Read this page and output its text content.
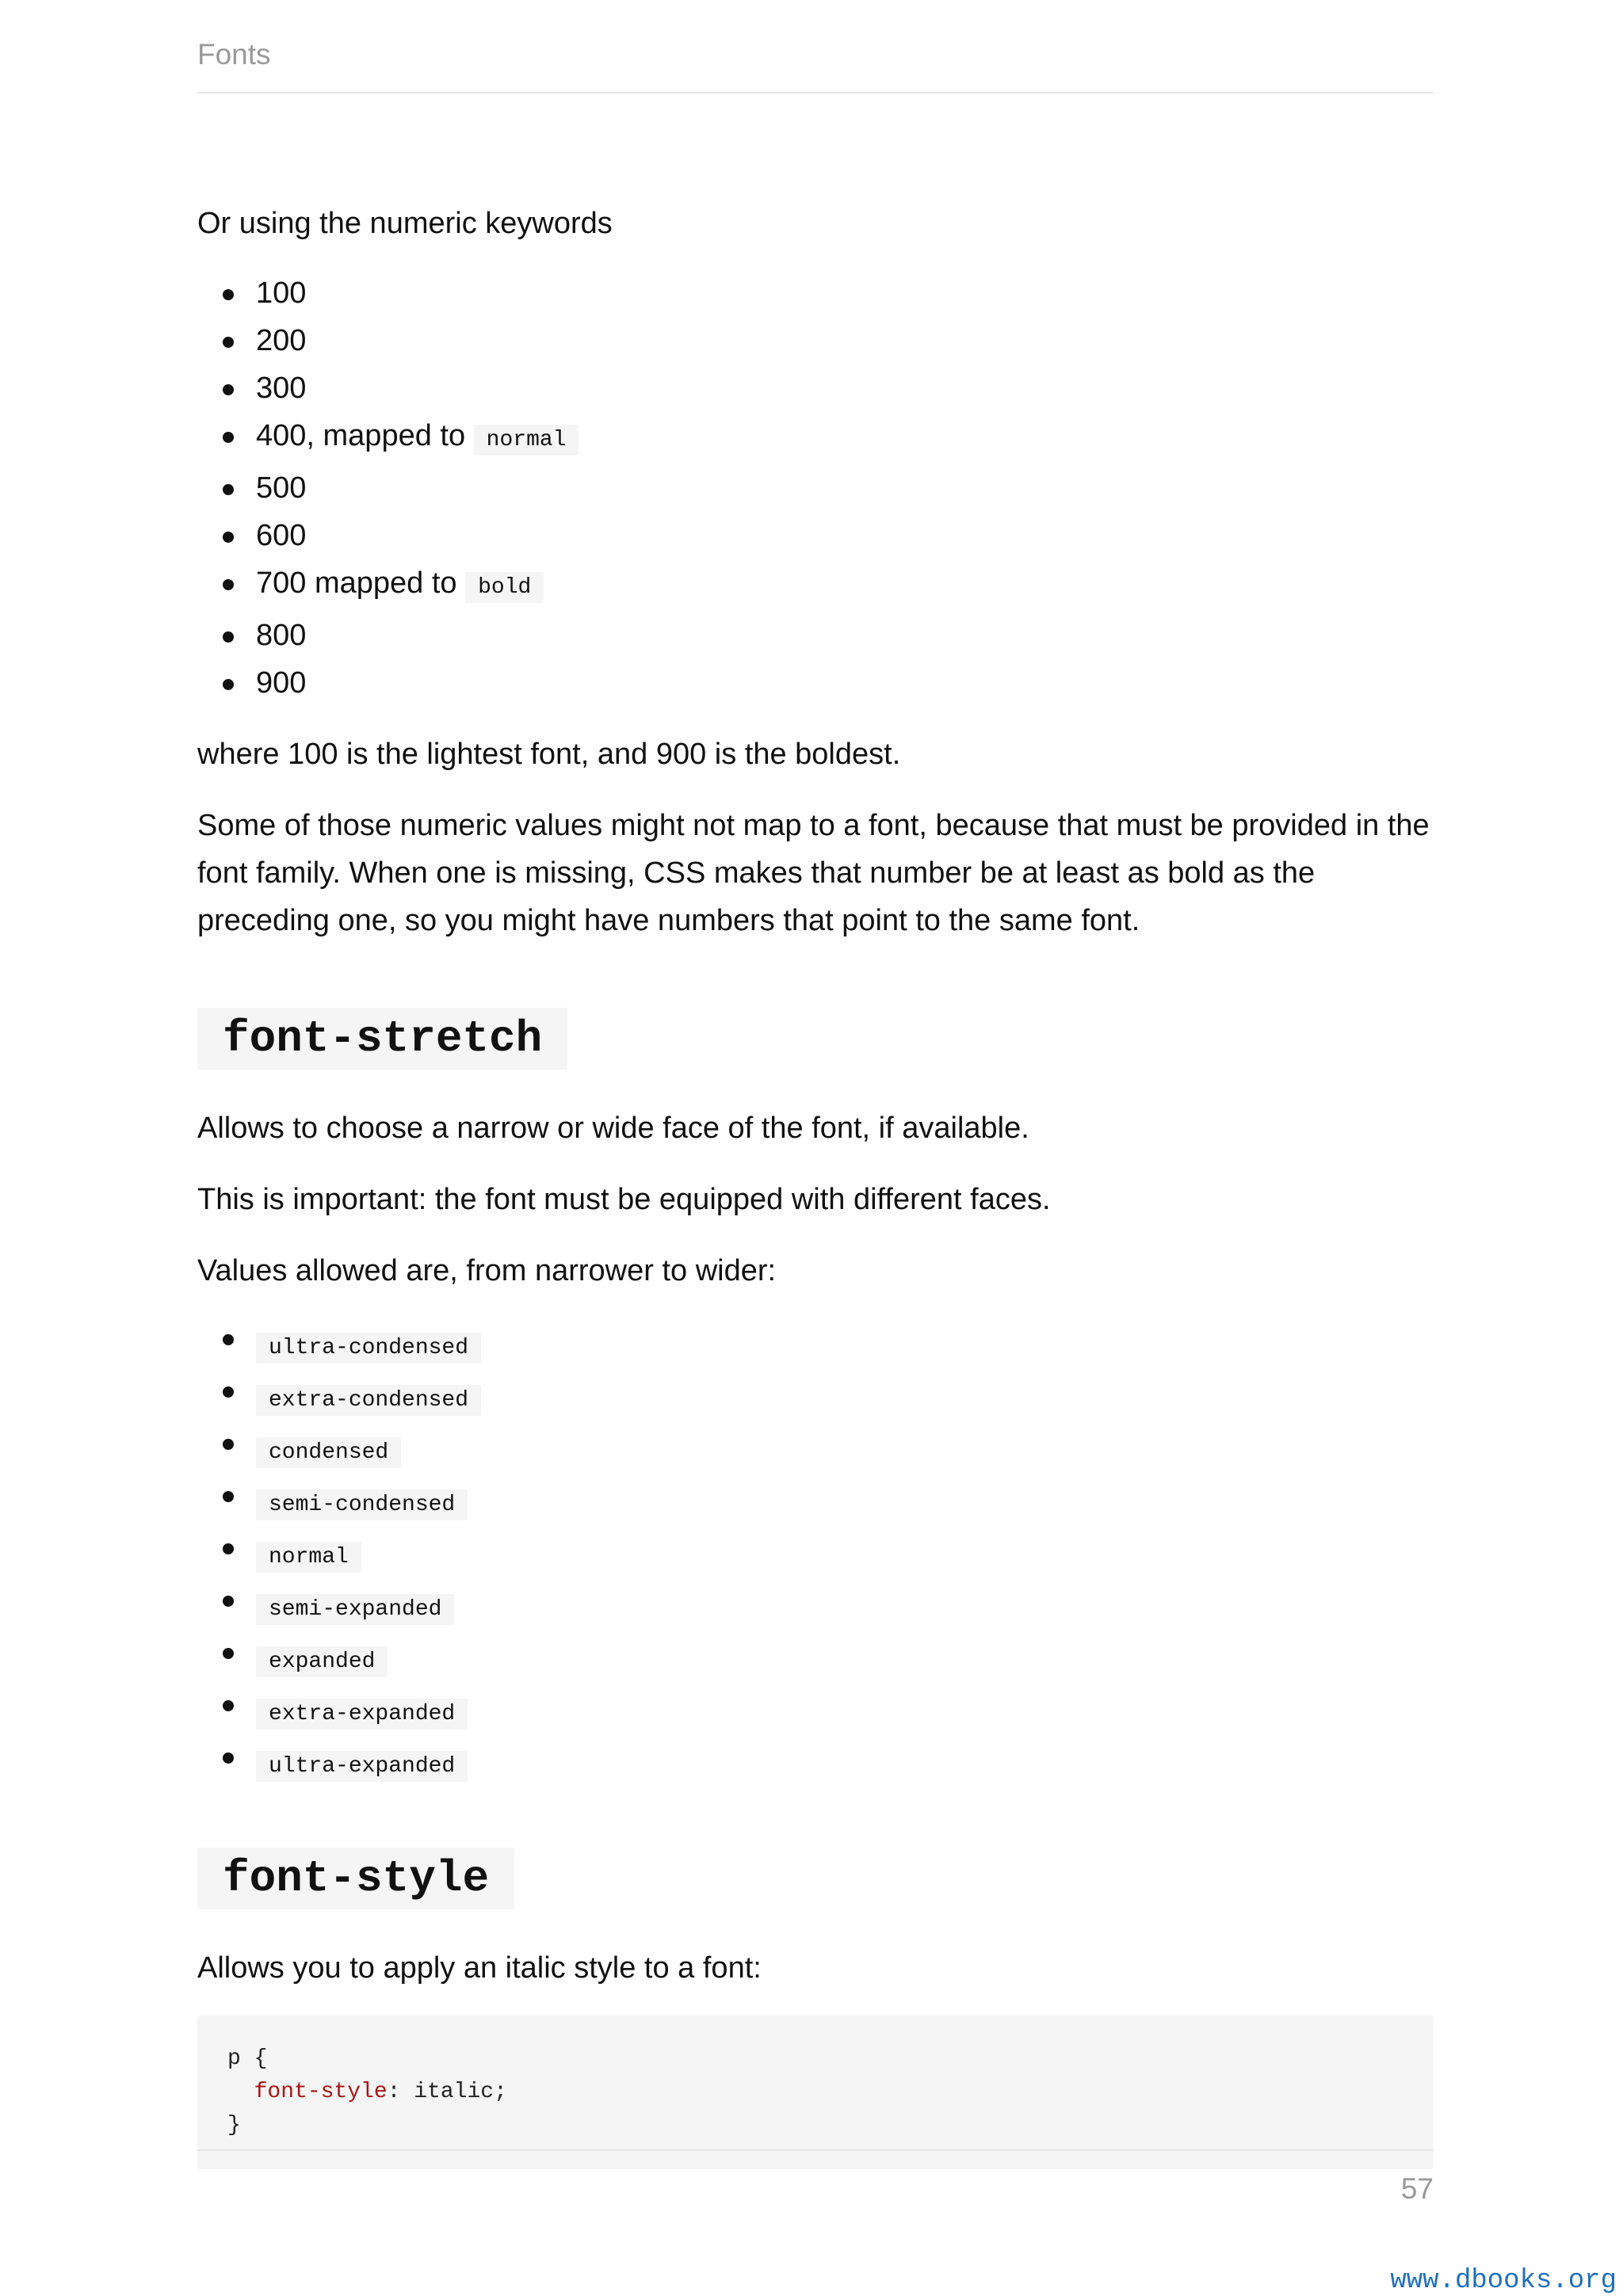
Fonts

Or using the numeric keywords

100
200
300
400, mapped to normal
500
600
700 mapped to bold
800
900

where 100 is the lightest font, and 900 is the boldest.

Some of those numeric values might not map to a font, because that must be provided in the font family. When one is missing, CSS makes that number be at least as bold as the preceding one, so you might have numbers that point to the same font.

font-stretch

Allows to choose a narrow or wide face of the font, if available.

This is important: the font must be equipped with different faces.

Values allowed are, from narrower to wider:

ultra-condensed
extra-condensed
condensed
semi-condensed
normal
semi-expanded
expanded
extra-expanded
ultra-expanded
font-style

Allows you to apply an italic style to a font:

p {
font-style: italic;
}
57
www.dbooks.org
